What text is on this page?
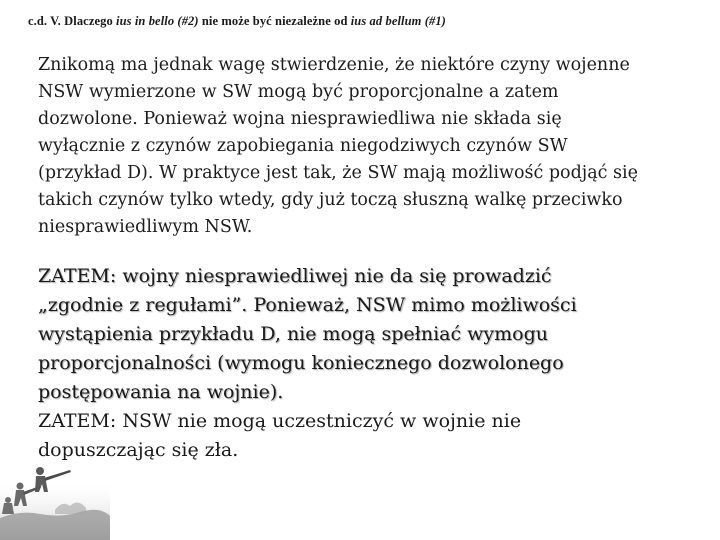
c.d. V. Dlaczego ius in bello (#2) nie może być niezależne od ius ad bellum (#1)
Znikomą ma jednak wagę stwierdzenie, że niektóre czyny wojenne
NSW wymierzone w SW mogą być proporcjonalne a zatem
dozwolone. Ponieważ wojna niesprawiedliwa nie składa się
wyłącznie z czynów zapobiegania niegodziwych czynów SW
(przykład D). W praktyce jest tak, że SW mają możliwość podjąć się
takich czynów tylko wtedy, gdy już toczą słuszną walkę przeciwko
niesprawiedliwym NSW.
ZATEM: wojny niesprawiedliwej nie da się prowadzić
„zgodnie z regułami”. Ponieważ, NSW mimo możliwości
wystąpienia przykładu D, nie mogą spełniać wymogu
proporcjonalności (wymogu koniecznego dozwolonego
postępowania na wojnie).
ZATEM: NSW nie mogą uczestniczyć w wojnie nie
dopuszczając się zła.
